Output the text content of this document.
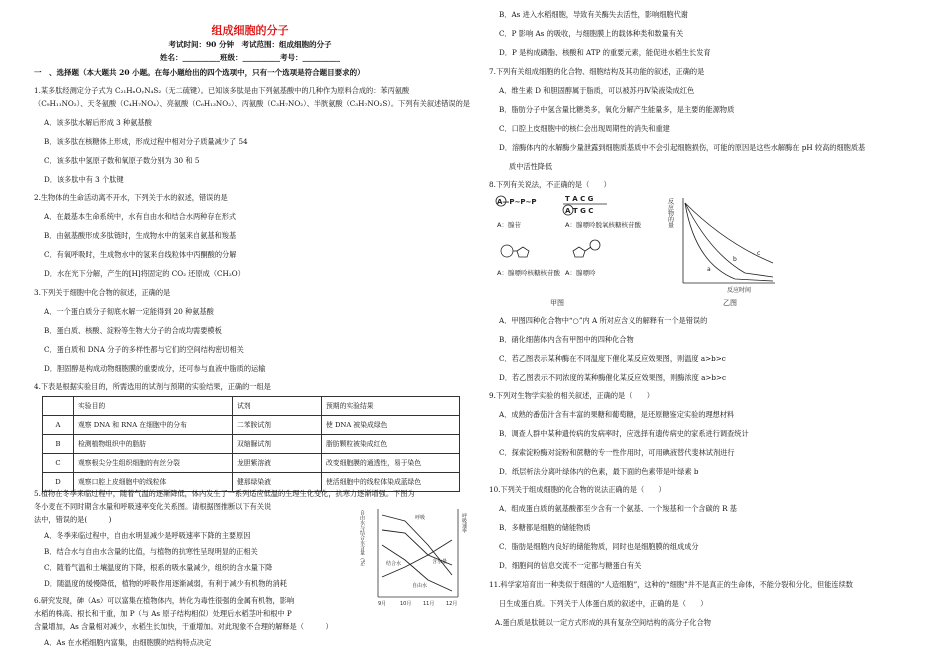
组成细胞的分子
考试时间：90 分钟　考试范围：组成细胞的分子
姓名：__________班级：__________考号：__________
一　、选择题（本大题共 20 小题。在每小题给出的四个选项中，只有一个选项是符合题目要求的）
1.某多肽经测定分子式为 C₂₁HₓOᵧN₄S₂（无二硫键）。已知该多肽是由下列氨基酸中的几种作为原料合成的：苯丙氨酸
（C₉H₁₁NO₂）、天冬氨酸（C₄H₇NO₄）、亮氨酸（C₆H₁₃NO₂）、丙氨酸（C₃H₇NO₂）、半胱氨酸（C₃H₇NO₂S）。下列有关叙述错误的是
A．该多肽水解后形成 3 种氨基酸
B．该多肽在核糖体上形成，形成过程中相对分子质量减少了 54
C．该多肽中氢原子数和氧原子数分别为 30 和 5
D．该多肽中有 3 个肽键
2.生物体的生命活动离不开水，下列关于水的叙述，错误的是
A．在最基本生命系统中，水有自由水和结合水两种存在形式
B．由氨基酸形成多肽链时，生成物水中的氢来自氨基和羧基
C．有氧呼吸时，生成物水中的氢来自线粒体中丙酮酸的分解
D．水在光下分解，产生的[H]将固定的 CO₂ 还原成（CH₂O）
3.下列关于细胞中化合物的叙述，正确的是
A．一个蛋白质分子彻底水解一定能得到 20 种氨基酸
B．蛋白质、核酸、淀粉等生物大分子的合成均需要模板
C．蛋白质和 DNA 分子的多样性都与它们的空间结构密切相关
D．胆固醇是构成动物细胞膜的重要成分，还可参与血液中脂质的运输
4.下表是根据实验目的，所需选用的试剂与预期的实验结果，正确的一组是
	实验目的	试剂	预期的实验结果
A	观察 DNA 和 RNA 在细胞中的分布	二苯胺试剂	使 DNA 被染成绿色
B	检测植物组织中的脂肪	双缩脲试剂	脂肪颗粒被染成红色
C	观察根尖分生组织细胞的有丝分裂	龙胆紫溶液	改变细胞膜的通透性，易于染色
D	观察口腔上皮细胞中的线粒体	健那绿染液	使活细胞中的线粒体染成蓝绿色
5.植物在冬季来临过程中，随着气温的逐渐降低，体内发生了一系列适应低温的生理生化变化，抗寒力逐渐增强。下图为
冬小麦在不同时期含水量和呼吸速率变化关系图。请根据图推断以下有关说
法中，错误的是(　　　)
A．冬季来临过程中，自由水明显减少是呼吸速率下降的主要原因
B．结合水与自由水含量的比值，与植物的抗寒性呈现明显的正相关
C．随着气温和土壤温度的下降，根系的吸水量减少，组织的含水量下降
D．随温度的缓慢降低，植物的呼吸作用逐渐减弱，有利于减少有机物的消耗
自由水与结合水含量（%）	呼吸速率
呼吸
结合水
自由水
含水量
9月	10月 11月 12月
6.研究发现，砷（As）可以富集在植物体内，转化为毒性很强的金属有机物，影响
水稻的株高、根长和干重，加 P（与 As 原子结构相似）处理后水稻茎叶和根中 P
含量增加，As 含量相对减少，水稻生长加快，干重增加。对此现象不合理的解释是（　　　）
A．As 在水稻细胞内富集，由细胞膜的结构特点决定
B．As 进入水稻细胞，导致有关酶失去活性，影响细胞代谢
C．P 影响 As 的吸收，与细胞膜上的载体种类和数量有关
D．P 是构成磷脂、核酸和 ATP 的重要元素，能促进水稻生长发育
7.下列有关组成细胞的化合物、细胞结构及其功能的叙述，正确的是
A．维生素 D 和胆固醇属于脂质，可以被苏丹Ⅳ染液染成红色
B．脂肪分子中氢含量比糖类多，氧化分解产生能量多，是主要的能源物质
C．口腔上皮细胞中的核仁会出现周期性的消失和重建
D．溶酶体内的水解酶少量泄露到细胞质基质中不会引起细胞损伤，可能的原因是这些水解酶在 pH 较高的细胞质基
质中活性降低
8.下列有关说法，不正确的是（　　）
A—P~P~P	T A C G
A T G C
A：腺苷	A：腺嘌呤脱氧核糖核苷酸
A：腺嘌呤核糖核苷酸 A：腺嘌呤
甲图
反应物的量
a
b
c
反应时间
乙图
A．甲图四种化合物中“○”内 A 所对应含义的解释有一个是错误的
B．硝化细菌体内含有甲图中的四种化合物
C．若乙图表示某种酶在不同温度下催化某反应效果图，则温度 a>b>c
D．若乙图表示不同浓度的某种酶催化某反应效果图，则酶浓度 a>b>c
9.下列对生物学实验的相关叙述，正确的是（　　）
A．成熟的番茄汁含有丰富的果糖和葡萄糖，是还原糖鉴定实验的理想材料
B．调查人群中某种遗传病的发病率时，应选择有遗传病史的家系进行调查统计
C．探索淀粉酶对淀粉和蔗糖的专一性作用时，可用碘液替代斐林试剂进行
D．纸层析法分离叶绿体内的色素，最下面的色素带是叶绿素 b
10.下列关于组成细胞的化合物的说法正确的是（　　）
A．组成蛋白质的氨基酸都至少含有一个氨基、一个羧基和一个含碳的 R 基
B．多糖都是细胞的储能物质
C．脂肪是细胞内良好的储能物质，同时也是细胞膜的组成成分
D．细胞间的信息交流不一定都与糖蛋白有关
11.科学家培育出一种类似于细菌的“人造细胞”，这种的“细胞”并不是真正的生命体，不能分裂和分化，但能连续数
日生成蛋白质。下列关于人体蛋白质的叙述中，正确的是（　　）
A.蛋白质是肽链以一定方式形成的具有复杂空间结构的高分子化合物
